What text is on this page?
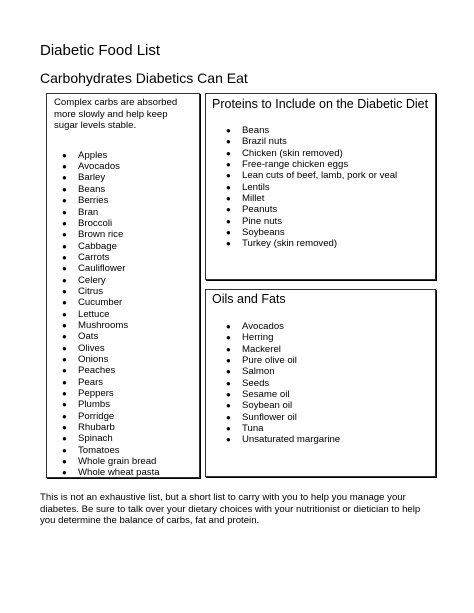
Diabetic Food List
Carbohydrates Diabetics Can Eat

Complex carbs are absorbed more slowly and help keep sugar levels stable.

● Apples
● Avocados
● Barley
● Beans
● Berries
● Bran
● Broccoli
● Brown rice
● Cabbage
● Carrots
● Cauliflower
● Celery
● Citrus
● Cucumber
● Lettuce
● Mushrooms
● Oats
● Olives
● Onions
● Peaches
● Pears
● Peppers
● Plumbs
● Porridge
● Rhubarb
● Spinach
● Tomatoes
● Whole grain bread
● Whole wheat pasta
Proteins to Include on the Diabetic Diet
● Beans
● Brazil nuts
● Chicken (skin removed)
● Free-range chicken eggs
● Lean cuts of beef, lamb, pork or veal
● Lentils
● Millet
● Peanuts
● Pine nuts
● Soybeans
● Turkey (skin removed)
Oils and Fats
● Avocados
● Herring
● Mackerel
● Pure olive oil
● Salmon
● Seeds
● Sesame oil
● Soybean oil
● Sunflower oil
● Tuna
● Unsaturated margarine

This is not an exhaustive list, but a short list to carry with you to help you manage your diabetes. Be sure to talk over your dietary choices with your nutritionist or dietician to help you determine the balance of carbs, fat and protein.
